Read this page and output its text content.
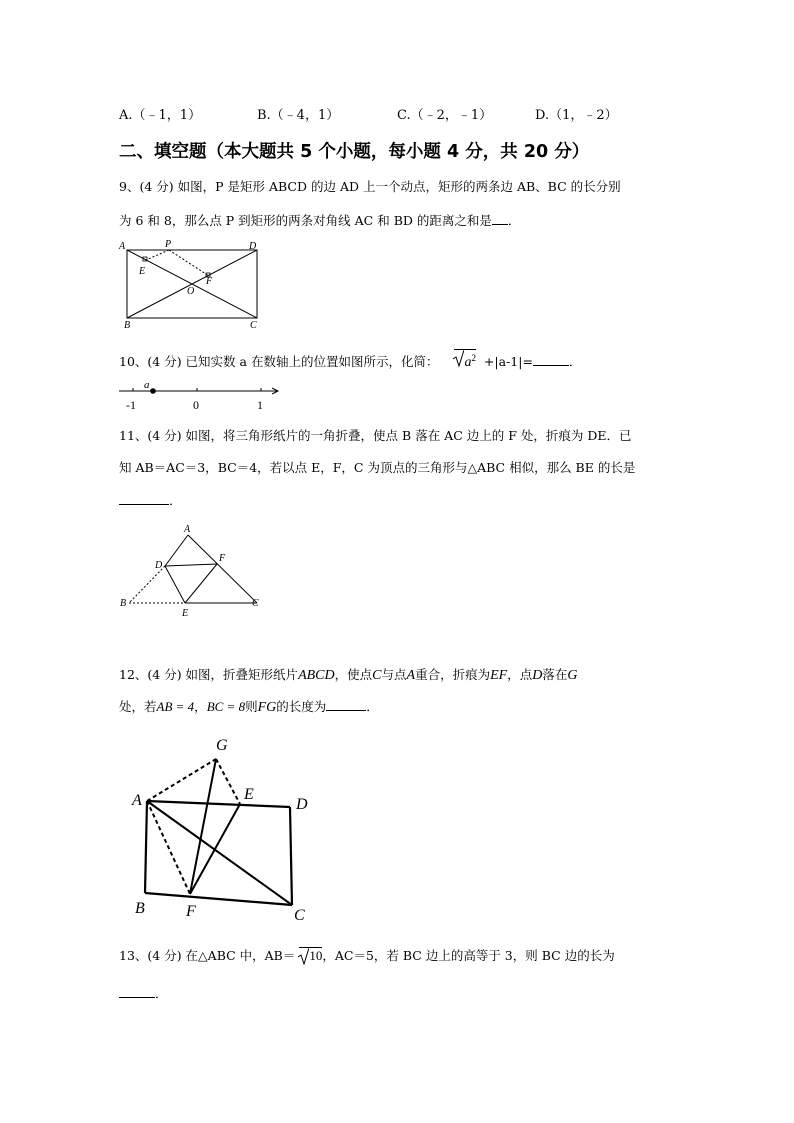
A.（﹣1，1）	B.（﹣4，1）	C.（﹣2，﹣1）	D.（1，﹣2）
二、填空题（本大题共 5 个小题，每小题 4 分，共 20 分）
9、(4 分) 如图，P 是矩形 ABCD 的边 AD 上一个动点，矩形的两条边 AB、BC 的长分别
为 6 和 8，那么点 P 到矩形的两条对角线 AC 和 BD 的距离之和是 ．
A	P	D
E
F
O
B	C
10、(4 分) 已知实数 a 在数轴上的位置如图所示，化简： $a^2 +|a-1|=$	．
a
-1	0	1
11、(4 分) 如图，将三角形纸片的一角折叠，使点 B 落在 AC 边上的 F 处，折痕为 DE．已
知 AB＝AC＝3，BC＝4，若以点 E，F，C 为顶点的三角形与△ABC 相似，那么 BE 的长是
．
A
D
F
B
E
C
12、(4 分) 如图，折叠矩形纸片ABCD，使点C与点A重合，折痕为EF，点D落在G
处，若AB = 4，BC = 8则FG的长度为	．
G
A	E
D
B	F	C
13、(4 分) 在△ABC 中，AB＝ 10，AC＝5，若 BC 边上的高等于 3，则 BC 边的长为
．
